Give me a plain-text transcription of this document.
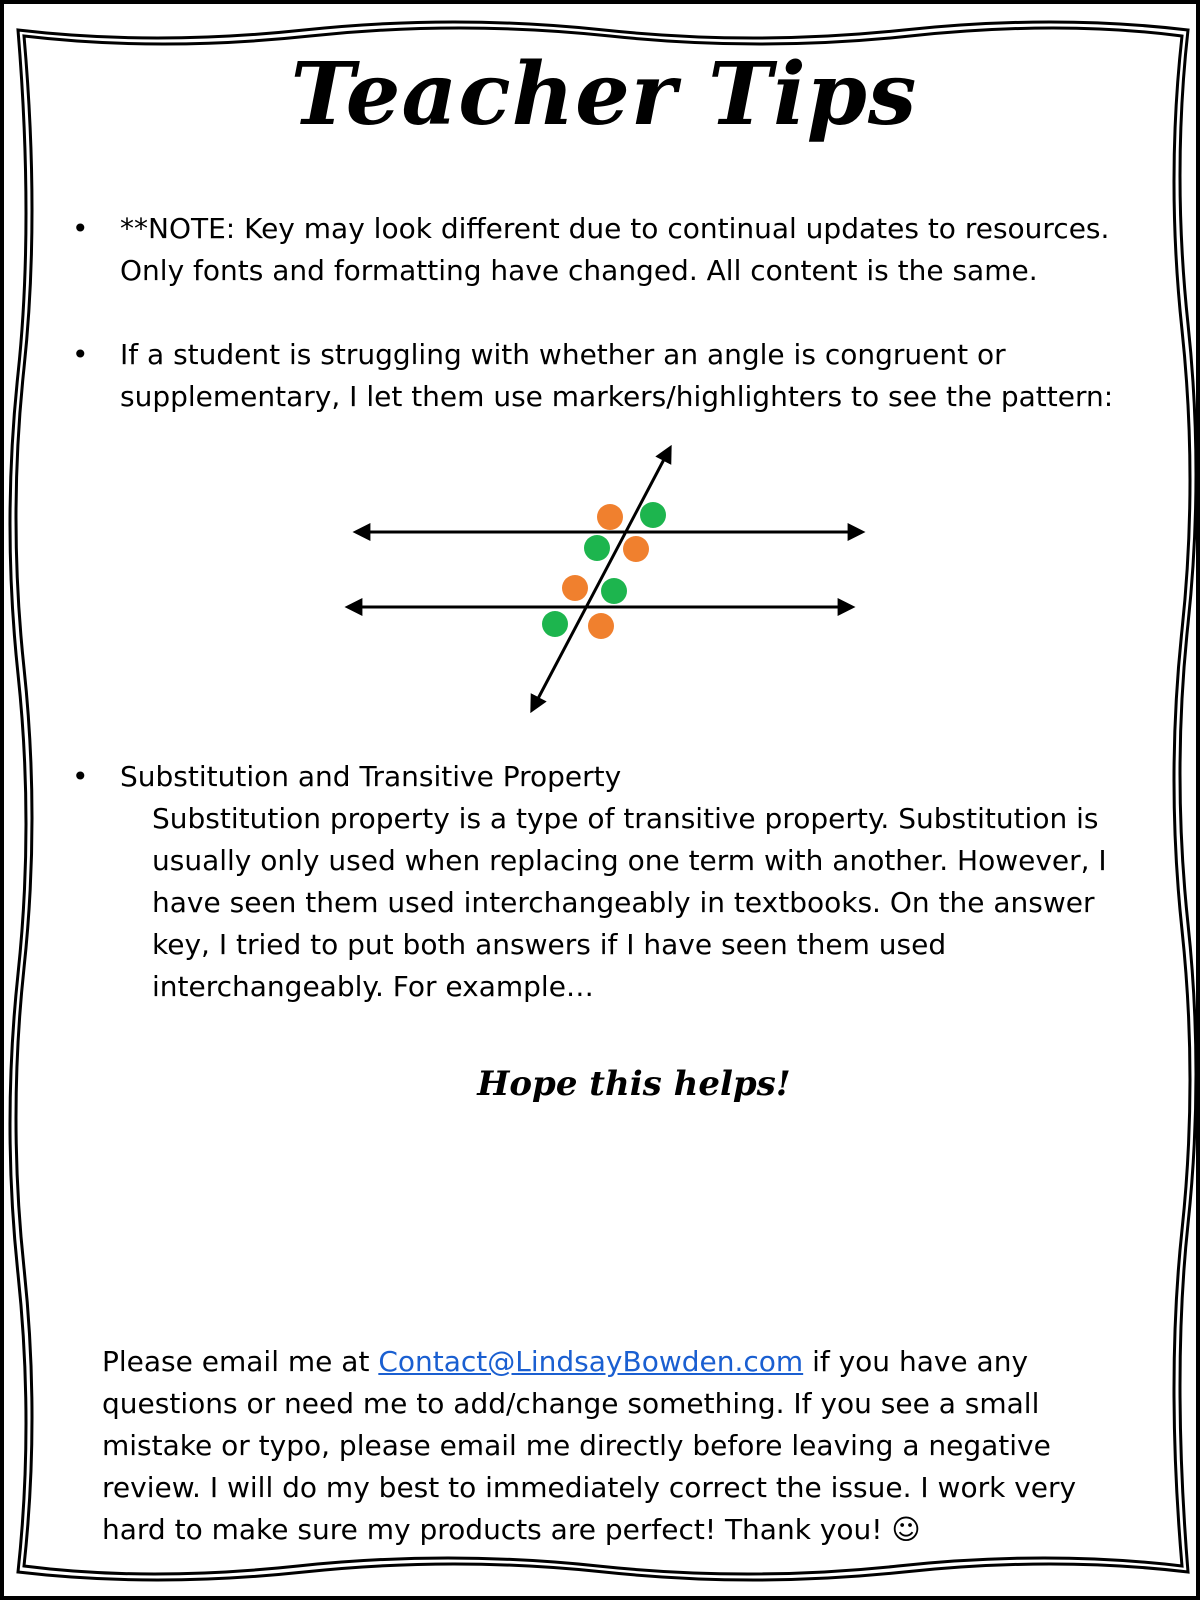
Teacher Tips
• **NOTE: Key may look different due to continual updates to resources. Only fonts and formatting have changed. All content is the same.
• If a student is struggling with whether an angle is congruent or supplementary, I let them use markers/highlighters to see the pattern:
• Substitution and Transitive Property
Substitution property is a type of transitive property. Substitution is usually only used when replacing one term with another. However, I have seen them used interchangeably in textbooks. On the answer key, I tried to put both answers if I have seen them used interchangeably. For example…
Hope this helps!
Please email me at Contact@LindsayBowden.com if you have any questions or need me to add/change something. If you see a small mistake or typo, please email me directly before leaving a negative review. I will do my best to immediately correct the issue. I work very hard to make sure my products are perfect! Thank you! ☺
